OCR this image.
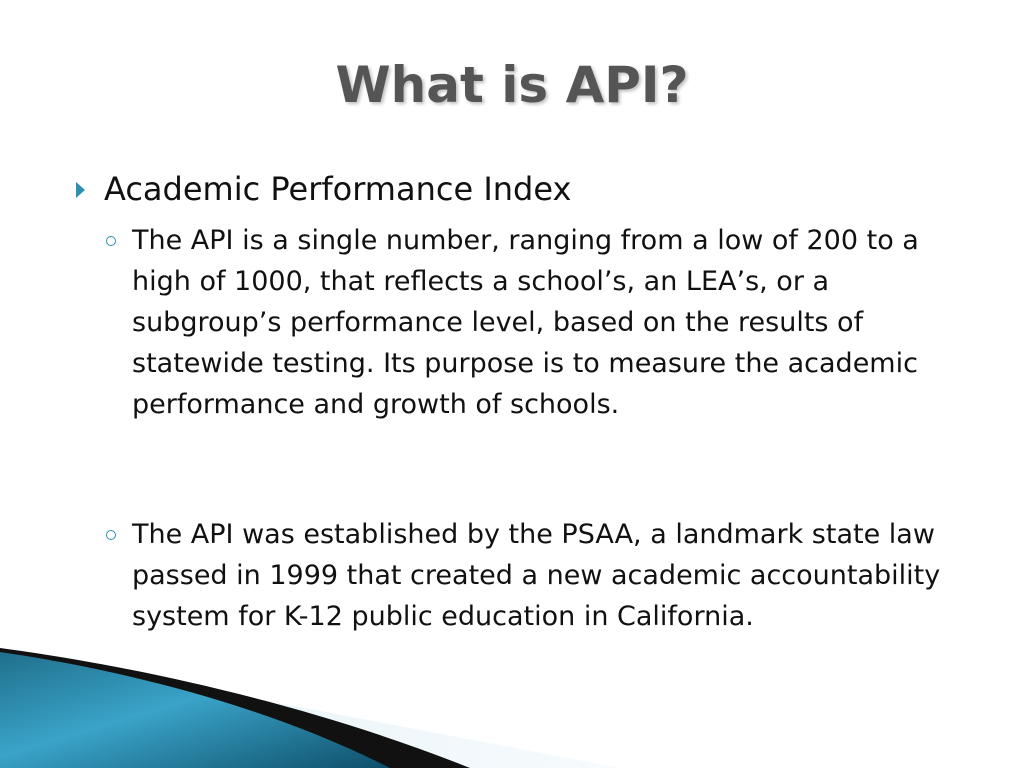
What is API?
Academic Performance Index

The API is a single number, ranging from a low of 200 to a high of 1000, that reflects a school’s, an LEA’s, or a subgroup’s performance level, based on the results of statewide testing. Its purpose is to measure the academic performance and growth of schools.

The API was established by the PSAA, a landmark state law passed in 1999 that created a new academic accountability system for K-12 public education in California.
